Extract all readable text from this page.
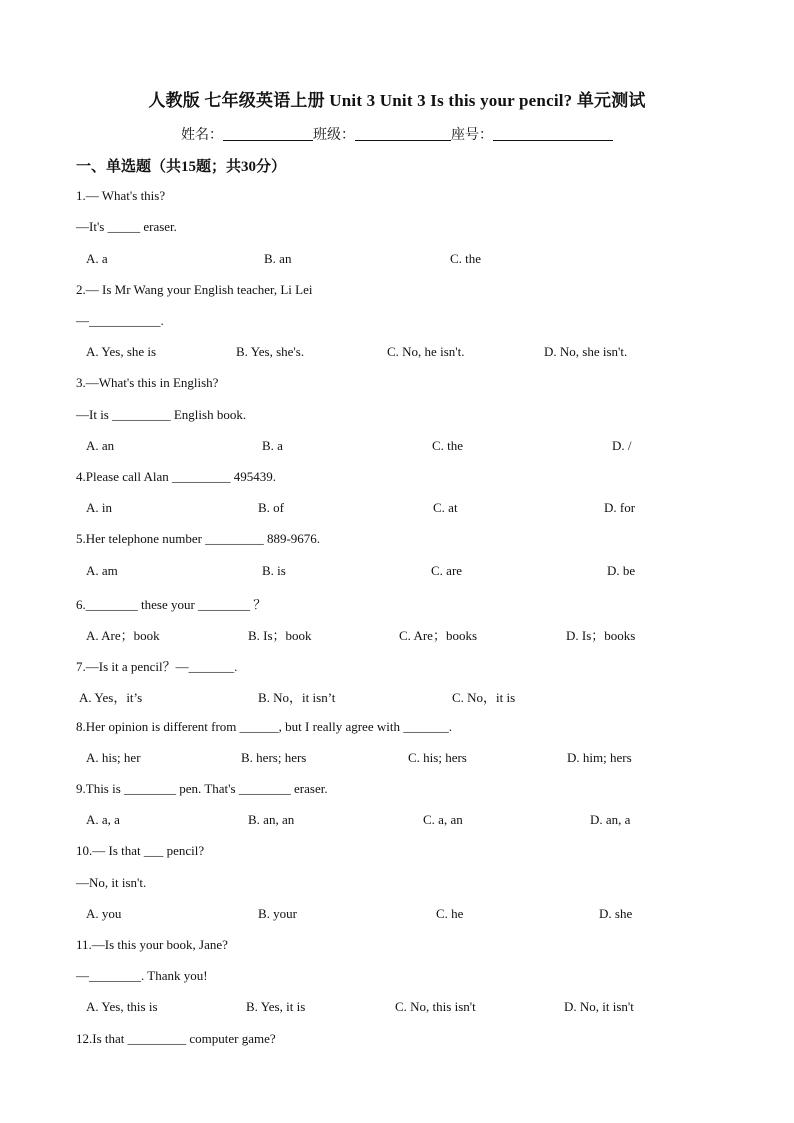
人教版 七年级英语上册 Unit 3 Unit 3 Is this your pencil? 单元测试
姓名：	班级：	座号：
一、单选题（共15题；共30分）
1.— What's this?
—It's _____ eraser.
A. a	B. an	C. the
2.— Is Mr Wang your English teacher, Li Lei
—___________.
A. Yes, she is	B. Yes, she's.	C. No, he isn't.	D. No, she isn't.
3.—What's this in English?
—It is _________ English book.
A. an	B. a	C. the	D. /
4.Please call Alan _________ 495439.
A. in	B. of	C. at	D. for
5.Her telephone number _________ 889-9676.
A. am	B. is	C. are	D. be
6.________ these your ________ ？
A. Are；book	B. Is；book	C. Are；books	D. Is；books
7.—Is it a pencil？—_______.
A. Yes，it’s	B. No，it isn’t	C. No，it is
8.Her opinion is different from ______, but I really agree with _______.
A. his; her	B. hers; hers	C. his; hers	D. him; hers
9.This is ________ pen. That's ________ eraser.
A. a, a	B. an, an	C. a, an	D. an, a
10.— Is that ___ pencil?
—No, it isn't.
A. you	B. your	C. he	D. she
11.—Is this your book, Jane?
—________. Thank you!
A. Yes, this is	B. Yes, it is	C. No, this isn't	D. No, it isn't
12.Is that _________ computer game?
